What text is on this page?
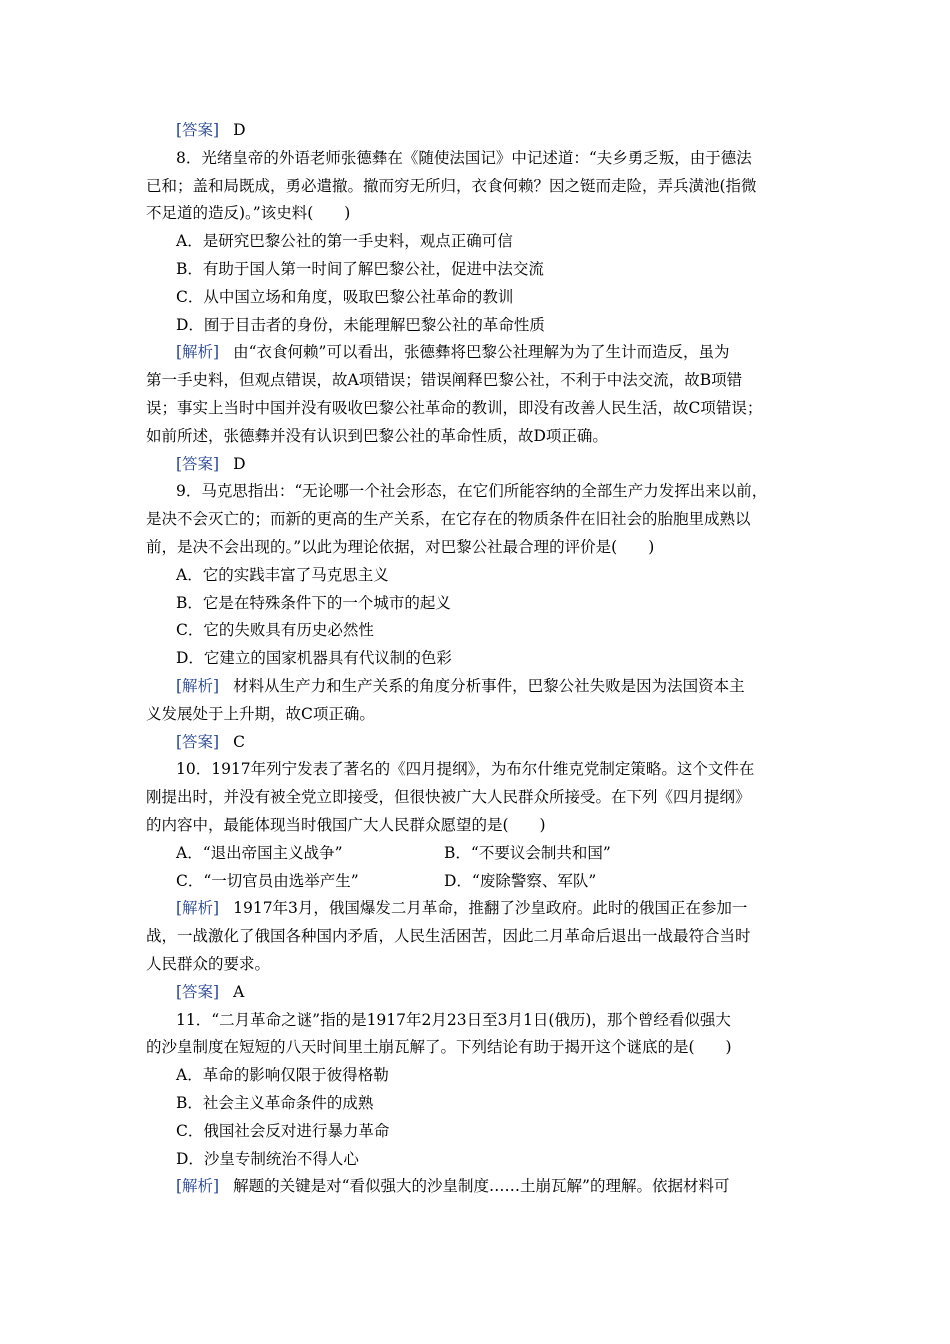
[答案] D
8．光绪皇帝的外语老师张德彝在《随使法国记》中记述道：“夫乡勇乏叛，由于德法
已和；盖和局既成，勇必遣撤。撤而穷无所归，衣食何赖？因之铤而走险，弄兵潢池(指微
不足道的造反)。”该史料(　　)
A．是研究巴黎公社的第一手史料，观点正确可信
B．有助于国人第一时间了解巴黎公社，促进中法交流
C．从中国立场和角度，吸取巴黎公社革命的教训
D．囿于目击者的身份，未能理解巴黎公社的革命性质
[解析] 由“衣食何赖”可以看出，张德彝将巴黎公社理解为为了生计而造反，虽为
第一手史料，但观点错误，故A项错误；错误阐释巴黎公社，不利于中法交流，故B项错
误；事实上当时中国并没有吸收巴黎公社革命的教训，即没有改善人民生活，故C项错误；
如前所述，张德彝并没有认识到巴黎公社的革命性质，故D项正确。
[答案] D
9．马克思指出：“无论哪一个社会形态，在它们所能容纳的全部生产力发挥出来以前，
是决不会灭亡的；而新的更高的生产关系，在它存在的物质条件在旧社会的胎胞里成熟以
前，是决不会出现的。”以此为理论依据，对巴黎公社最合理的评价是(　　)
A．它的实践丰富了马克思主义
B．它是在特殊条件下的一个城市的起义
C．它的失败具有历史必然性
D．它建立的国家机器具有代议制的色彩
[解析] 材料从生产力和生产关系的角度分析事件，巴黎公社失败是因为法国资本主
义发展处于上升期，故C项正确。
[答案] C
10．1917年列宁发表了著名的《四月提纲》，为布尔什维克党制定策略。这个文件在
刚提出时，并没有被全党立即接受，但很快被广大人民群众所接受。在下列《四月提纲》
的内容中，最能体现当时俄国广大人民群众愿望的是(　　)
A．“退出帝国主义战争”	B．“不要议会制共和国”
C．“一切官员由选举产生”	D．“废除警察、军队”
[解析] 1917年3月，俄国爆发二月革命，推翻了沙皇政府。此时的俄国正在参加一
战，一战激化了俄国各种国内矛盾，人民生活困苦，因此二月革命后退出一战最符合当时
人民群众的要求。
[答案] A
11．“二月革命之谜”指的是1917年2月23日至3月1日(俄历)，那个曾经看似强大
的沙皇制度在短短的八天时间里土崩瓦解了。下列结论有助于揭开这个谜底的是(　　)
A．革命的影响仅限于彼得格勒
B．社会主义革命条件的成熟
C．俄国社会反对进行暴力革命
D．沙皇专制统治不得人心
[解析] 解题的关键是对“看似强大的沙皇制度……土崩瓦解”的理解。依据材料可
